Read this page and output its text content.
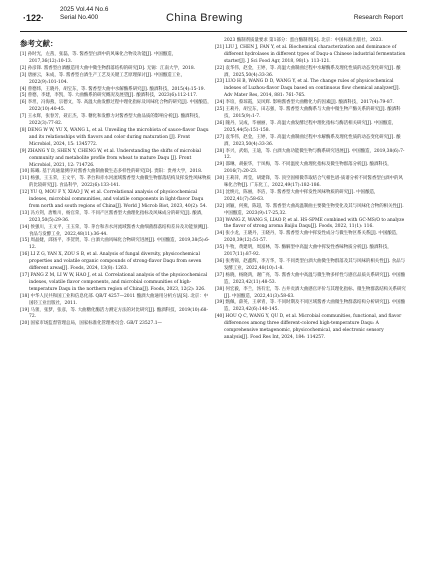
·122·
2025 Vol.44 No.6
Serial No.400	China Brewing	Research Report
参考文献：
[1] 孙时光，左茜，张磊，等. 酱香型白酒中的风味化合物及功能[J]. 中国酿造，2017,36(12):10-13.
[2] 孙彦锋. 酱香型白酒酿造用大曲中微生物群落结构的研究[D]. 无锡：江南大学，2018.
[3] 唐丽云，朱成，等. 酱香型白酒生产工艺及关键工艺原理探讨[J]. 中国酿造工业，2022(9):101-104.
[4] 曾德炜，王晓丹，胡宝东，等. 酱香型大曲中水解酶系研究[J]. 酿酒科技，2015(4):15-19.
[5] 曾德，李建，李凯，等. 大曲酶系的研究概况及展望[J]. 酿酒科技，2023(6):112-117.
[6] 李坦，冯海燕，宗德文，等. 高温大曲发酵过程中理化指标及风味化合物的研究[J]. 中国酿造，2022(10):40-45.
[7] 王永辉，张春芳，聂正杰，等. 糖化和发酵力对酱香型大曲品质的影响分析[J]. 酿酒科技，2022(3):77-82.
[8] DENG W W, YU X, WANG L, et al. Unveiling the microbiota of sauce-flavor Daqu and its relationships with flavors and color during maturation [J]. Front Microbiol, 2024, 15: 1345772.
[9] ZHANG Y D, SHEN Y, CHENG W, et al. Understanding the shifts of microbial community and metabolite profile from wheat to mature Daqu [J]. Front Microbiol, 2021, 12: 714726.
[10] 陈曦. 基于高通量测序对酱香大曲制曲微生态多样性的研究[D]. 贵阳：贵州大学，2018.
[11] 杨强，王玉荣，王文平，等. 茅台和赤水河流域酱香型大曲微生物群落结构及挥发性风味物质的比较研究[J]. 食品科学，2022(6):133-141.
[12] YU Q, MOU F Y, XIAO J W, et al. Correlational analysis of physicochemical indexes, microbial communities, and volatile components in light-flavor Daqu from north and south regions of China[J]. World J Microb Biot, 2023, 40(2): 54.
[13] 冯方剑，唐维川，杨官荣，等. 不同产区酱香型大曲理化指标及风味成分的研究[J]. 酿酒，2023,50(5):29-36.
[14] 侯强川，王文平，王玉荣，等. 茅台和赤水河流域酱香大曲细菌群落结构差异及功能预测[J]. 食品与发酵工业，2022,48(11):36-44.
[15] 周晶婕，邱扬平，李贺贤，等. 白酒大曲风味化合物研究进展[J]. 中国酿造，2019,38(5):6-12.
[16] LI Z G, YAN X, ZOU S B, et al. Analysis of fungal diversity, physicochemical properties and volatile organic compounds of strong-flavor Daqu from seven different areas[J]. Foods, 2024, 13(8): 1263.
[17] PANG Z M, LI W W, HAO J, et al. Correlational analysis of the physicochemical indexes, volatile flavor components, and microbial communities of high-temperature Daqu in the northern region of China[J]. Foods, 2023, 12(2): 326.
[18] 中华人民共和国工业和信息化部. QB/T 4257—2011 酿酒大曲通用分析方法[S]. 北京：中国轻工业出版社，2011.
[19] 马蕾，张梦，张彦，等. 大曲糖化酶活力测定方法的对比研究[J]. 酿酒科技，2019(10):68-72.
[20] 国家市场监督管理总局，国家标准化管理委员会. GB/T 23527.1—
2023 酶制剂质量要求 第1部分：蛋白酶制剂[S]. 北京：中国标准出版社，2023.
[21] LIU J, CHEN J, FAN Y, et al. Biochemical characterization and dominance of different hydrolases in different types of Daqu-a Chinese industrial fermentation starter[J]. J Sci Food Agr, 2018, 98(1): 113-121.
[22] 袁华伟，赵金，王婷，等. 高温大曲制曲过程中水解酶系及理化性质的动态变化研究[J]. 酿酒，2025,50(4):33-36.
[23] LUO H B, WANG D D, WANG Y, et al. The change rules of physicochemical indexes of Luzhou-flavor Daqu based on continuous flow chemical analyzer[J]. Adv Mater Res, 2014, 881: 761-765.
[24] 李谊，蔡琼霞，吴风辉. 影响酱香型大曲糖化力的因素[J]. 酿酒科技，2017(4):79-87.
[25] 王莉丹，胡宝东，田志强，等. 酱香型大曲酶系与大曲中微生物产酶关系的研究[J]. 酿酒科技，2015(9):1-7.
[26] 隗丹，吴成，毕丽丽，等. 高温大曲发酵过程中理化指标与酶活相关研究[J]. 中国酿造，2025,44(5):151-158.
[27] 袁华伟，赵金，王婷，等. 高温大曲制曲过程中水解酶系及理化性质的动态变化研究[J]. 酿酒，2023,50(4):33-36.
[28] 李兴，武娟，王迪，等. 白酒大曲功能微生物与酶系研究进展[J]. 中国酿造，2019,38(6):7-12.
[29] 邵琳，胡振华，于凤梅，等. 不同温度大曲理化指标及微生物群落分析[J]. 酿酒科技，2016(7):20-23.
[30] 王莉萍，周莹，胡建锋，等. 顶空固相微萃取结合气相色谱-质谱分析不同酱香型白酒中的风味化合物[J]. 广东化工，2022,49(17):182-186.
[31] 沈焕元，陈丽，李洁，等. 酱香型大曲中挥发性风味物质的研究[J]. 中国酿造，2022,41(7):58-63.
[32] 刘颖，何燕，陈超，等. 酱香型大曲高温制曲主要微生物变化及其与风味化合物的相关性[J]. 中国酿造，2023(9):17-25,32.
[33] WANG Z, WANG S, LIAO P, et al. HS-SPME combined with GC-MS/O to analyze the flavor of strong aroma Baijiu Daqu[J]. Foods, 2022, 11(1): 116.
[34] 张小龙，王晓丹，王晓丹，等. 酱香型大曲中挥发性成分与微生物区系关系[J]. 中国酿造，2020,39(12):51-57.
[35] 牛牧，黄建明，周富林，等. 酶解型中高温大曲中挥发性香味物质分析[J]. 酿酒科技，2017(11):87-92.
[36] 张秀锦，赵鑫辉，李万华，等. 不同类型白酒大曲微生物群落及其与风味的相关性[J]. 食品与发酵工业，2022,48(10):1-8.
[37] 杨晓，杨晓鸿，谢广亮，等. 酱香大曲中高温与微生物多样性与感官品质关系研究[J]. 中国酿造，2023,42(11):48-53.
[38] 何宏毅，李兰，汤有宏，等. 古井贡酒大曲感官评价与其理化指标、微生物群落结构关系研究[J]. 中国酿造，2022,41(3):58-63.
[39] 甄佩，薛英，王翠青，等. 不同时期及不同区域酱香大曲微生物群落结构分析研究[J]. 中国酿造，2023,42(6):140-145.
[40] HOU Q C, WANG Y, QU D, et al. Microbial communities, functional, and flavor differences among three different-colored high-temperature Daqu: A comprehensive metagenomic, physicochemical, and electronic sensory analysis[J]. Food Res Int, 2024, 184: 114257.
